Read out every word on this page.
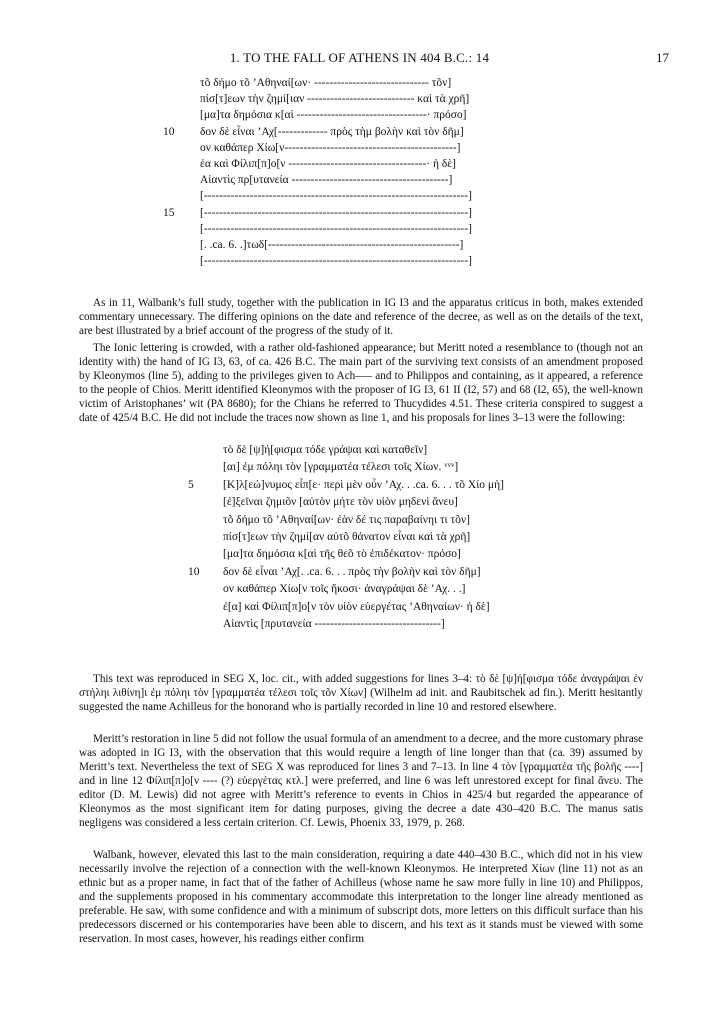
1. TO THE FALL OF ATHENS IN 404 B.C.: 14	17
τõ δήμο τõ ’Αθηναί[ων· ------------------------------ τõν]
πίσ[τ]εων τὴν ζημί[ιαν ---------------------------- καὶ τὰ χρῆ]
[μα]τα δημόσια κ[αὶ ----------------------------------· πρόσο]
10	δον δὲ εἶναι ’Αχ[------------- πρὸς τὴμ βολὴν καὶ τὸν δῆμ]
ον καθάπερ Χίω[ν---------------------------------------------]
ἐα καὶ Φίλιπ[π]ο[ν ------------------------------------· ἡ δὲ]
Αἰαντὶς πρ[υτανεία -----------------------------------------]
[---------------------------------------------------------------------]
15	[---------------------------------------------------------------------]
[---------------------------------------------------------------------]
[. .ca. 6. .]τωδ[--------------------------------------------------]
[---------------------------------------------------------------------]

As in 11, Walbank’s full study, together with the publication in IG I3 and the apparatus criticus in both, makes extended commentary unnecessary. The differing opinions on the date and reference of the decree, as well as on the details of the text, are best illustrated by a brief account of the progress of the study of it.

The Ionic lettering is crowded, with a rather old-fashioned appearance; but Meritt noted a resemblance to (though not an identity with) the hand of IG I3, 63, of ca. 426 B.C. The main part of the surviving text consists of an amendment proposed by Kleonymos (line 5), adding to the privileges given to Ach––– and to Philippos and containing, as it appeared, a reference to the people of Chios. Meritt identified Kleonymos with the proposer of IG I3, 61 II (I2, 57) and 68 (I2, 65), the well-known victim of Aristophanes’ wit (PA 8680); for the Chians he referred to Thucydides 4.51. These criteria conspired to suggest a date of 425/4 B.C. He did not include the traces now shown as line 1, and his proposals for lines 3–13 were the following:

τὸ δὲ [ψ]ή[φισμα τόδε γράψαι καὶ καταθεῖν]
[αι] ἐμ πόληι τὸν [γραμματέα τέλεσι τοῖς Χίων. ᵛᵛᵛ]
5	[Κ]λ[εώ]νυμος εἶπ[ε· περὶ μὲν οὖν ’Αχ. . .ca. 6. . . τõ Χίο μὴ]
[ἐ]ξεῖναι ζημιõν [αὐτὸν μήτε τὸν υἱὸν μηδενὶ ἄνευ]
τõ δήμο τõ ’Αθηναί[ων· ἐὰν δέ τις παραβαίνηι τι τõν]
πίσ[τ]εων τὴν ζημί[αν αὐτõ θάνατον εἶναι καὶ τὰ χρῆ]
[μα]τα δημόσια κ[αὶ τῆς θεõ τὸ ἐπιδέκατον· πρόσο]
10	δον δὲ εἶναι ’Αχ[. .ca. 6. . . πρὸς τὴν βολὴν καὶ τὸν δῆμ]
ον καθάπερ Χίω[ν τοῖς ἥκοσι· ἀναγράψαι δὲ ’Αχ. . .]
ἐ[α] καὶ Φίλιπ[π]ο[ν τὸν υἱὸν εὐεργέτας ’Αθηναίων· ἡ δὲ]
Αἰαντὶς [πρυτανεία ---------------------------------]

This text was reproduced in SEG X, loc. cit., with added suggestions for lines 3–4: τὸ δὲ [ψ]ή[φισμα τόδε ἀναγράψαι ἐν στήληι λιθίνη]ι ἐμ πόληι τὸν [γραμματέα τέλεσι τοῖς τõν Χίων] (Wilhelm ad init. and Raubitschek ad fin.). Meritt hesitantly suggested the name Achilleus for the honorand who is partially recorded in line 10 and restored elsewhere.

Meritt’s restoration in line 5 did not follow the usual formula of an amendment to a decree, and the more customary phrase was adopted in IG I3, with the observation that this would require a length of line longer than that (ca. 39) assumed by Meritt’s text. Nevertheless the text of SEG X was reproduced for lines 3 and 7–13. In line 4 τὸν [γραμματέα τῆς βολῆς ----] and in line 12 Φίλιπ[π]ο[ν ---- (?) εὐεργέτας κτλ.] were preferred, and line 6 was left unrestored except for final ἄνευ. The editor (D. M. Lewis) did not agree with Meritt’s reference to events in Chios in 425/4 but regarded the appearance of Kleonymos as the most significant item for dating purposes, giving the decree a date 430–420 B.C. The manus satis negligens was considered a less certain criterion. Cf. Lewis, Phoenix 33, 1979, p. 268.

Walbank, however, elevated this last to the main consideration, requiring a date 440–430 B.C., which did not in his view necessarily involve the rejection of a connection with the well-known Kleonymos. He interpreted Χίων (line 11) not as an ethnic but as a proper name, in fact that of the father of Achilleus (whose name he saw more fully in line 10) and Philippos, and the supplements proposed in his commentary accommodate this interpretation to the longer line already mentioned as preferable. He saw, with some confidence and with a minimum of subscript dots, more letters on this difficult surface than his predecessors discerned or his contemporaries have been able to discern, and his text as it stands must be viewed with some reservation. In most cases, however, his readings either confirm
